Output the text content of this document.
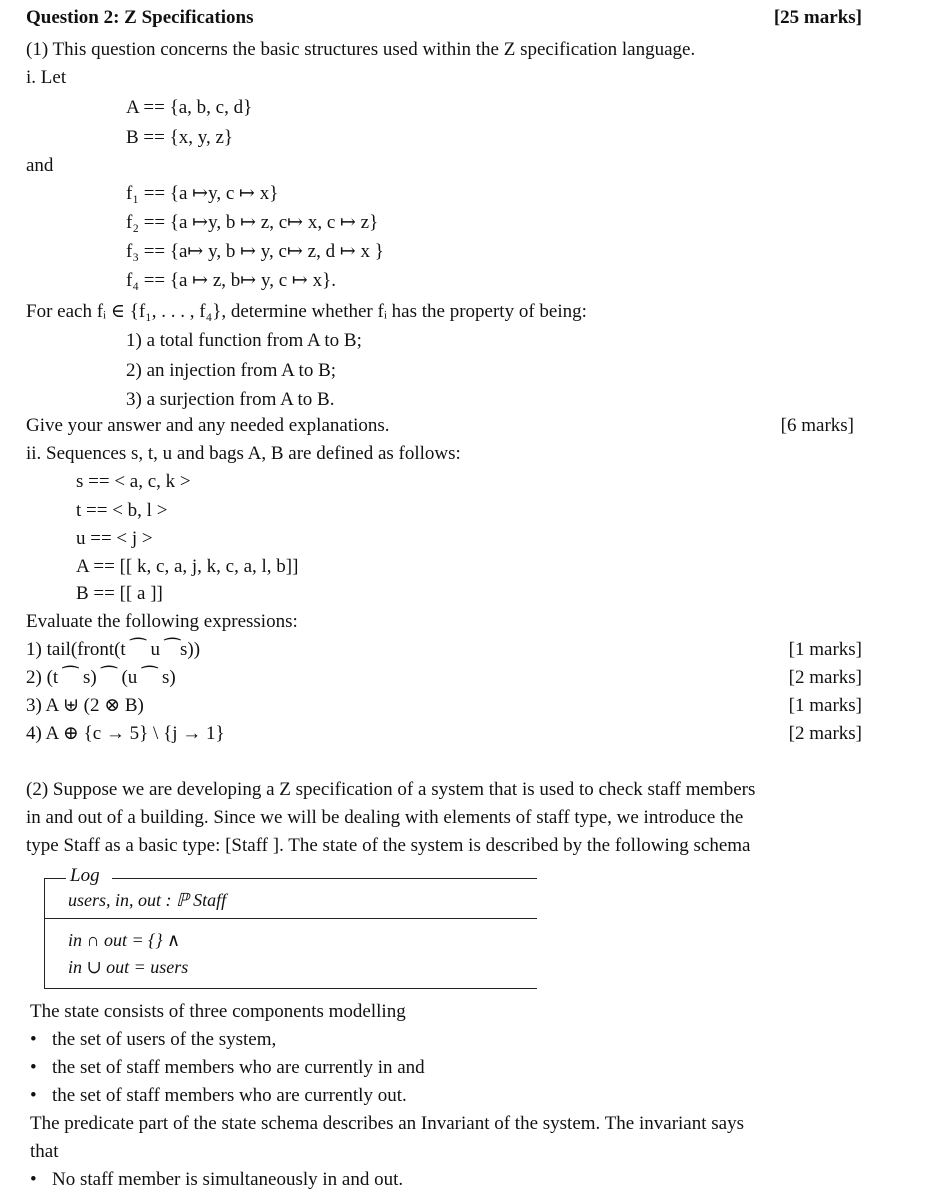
Question 2: Z Specifications	[25 marks]
(1) This question concerns the basic structures used within the Z specification language.
i. Let
A == {a, b, c, d}
B == {x, y, z}
and
f₁ == {a ↦y, c ↦ x}
f₂ == {a ↦y, b ↦ z, c↦ x, c ↦ z}
f₃ == {a↦ y, b ↦ y, c↦ z, d ↦ x }
f₄ == {a ↦ z, b↦ y, c ↦ x}.
For each fᵢ ∈ {f₁, . . . , f₄}, determine whether fᵢ has the property of being:
1) a total function from A to B;
2) an injection from A to B;
3) a surjection from A to B.
Give your answer and any needed explanations.	[6 marks]
ii. Sequences s, t, u and bags A, B are defined as follows:
s == < a, c, k >
t == < b, l >
u == < j >
A == [[ k, c, a, j, k, c, a, l, b]]
B == [[ a ]]
Evaluate the following expressions:
1) tail(front(t ⁀ u ⁀s))	[1 marks]
2) (t ⁀ s) ⁀ (u ⁀ s)	[2 marks]
3) A ⊎ (2 ⊗ B)	[1 marks]
4) A ⊕ {c → 5} \ {j → 1}	[2 marks]
(2) Suppose we are developing a Z specification of a system that is used to check staff members
in and out of a building. Since we will be dealing with elements of staff type, we introduce the
type Staff as a basic type: [Staff ]. The state of the system is described by the following schema
Log
users, in, out : ℙ Staff
in ∩ out = {} ∧
in ∪ out = users
The state consists of three components modelling
• the set of users of the system,
• the set of staff members who are currently in and
• the set of staff members who are currently out.
The predicate part of the state schema describes an Invariant of the system. The invariant says
that
• No staff member is simultaneously in and out.
